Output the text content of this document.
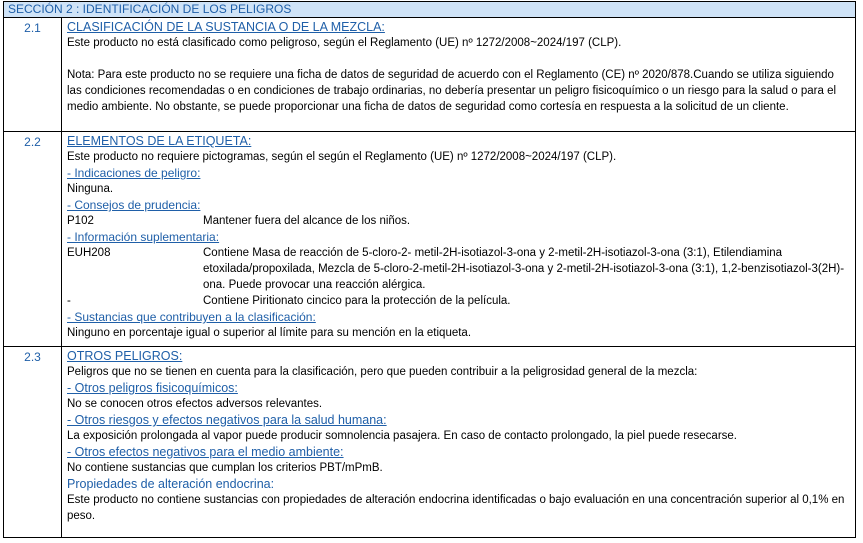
SECCIÓN 2 : IDENTIFICACIÓN DE LOS PELIGROS
2.1	CLASIFICACIÓN DE LA SUSTANCIA O DE LA MEZCLA:
Este producto no está clasificado como peligroso, según el Reglamento (UE) nº 1272/2008~2024/197 (CLP).
Nota: Para este producto no se requiere una ficha de datos de seguridad de acuerdo con el Reglamento (CE) nº 2020/878.Cuando se utiliza siguiendo las condiciones recomendadas o en condiciones de trabajo ordinarias, no debería presentar un peligro fisicoquímico o un riesgo para la salud o para el medio ambiente. No obstante, se puede proporcionar una ficha de datos de seguridad como cortesía en respuesta a la solicitud de un cliente.
2.2	ELEMENTOS DE LA ETIQUETA:
Este producto no requiere pictogramas, según el según el Reglamento (UE) nº 1272/2008~2024/197 (CLP).
- Indicaciones de peligro:
Ninguna.
- Consejos de prudencia:
P102	Mantener fuera del alcance de los niños.
- Información suplementaria:
EUH208	Contiene Masa de reacción de 5-cloro-2- metil-2H-isotiazol-3-ona y 2-metil-2H-isotiazol-3-ona (3:1), Etilendiamina etoxilada/propoxilada, Mezcla de 5-cloro-2-metil-2H-isotiazol-3-ona y 2-metil-2H-isotiazol-3-ona (3:1), 1,2-benzisotiazol-3(2H)-ona. Puede provocar una reacción alérgica.
-	Contiene Piritionato cincico para la protección de la película.
- Sustancias que contribuyen a la clasificación:
Ninguno en porcentaje igual o superior al límite para su mención en la etiqueta.
2.3	OTROS PELIGROS:
Peligros que no se tienen en cuenta para la clasificación, pero que pueden contribuir a la peligrosidad general de la mezcla:
- Otros peligros fisicoquímicos:
No se conocen otros efectos adversos relevantes.
- Otros riesgos y efectos negativos para la salud humana:
La exposición prolongada al vapor puede producir somnolencia pasajera. En caso de contacto prolongado, la piel puede resecarse.
- Otros efectos negativos para el medio ambiente:
No contiene sustancias que cumplan los criterios PBT/mPmB.
Propiedades de alteración endocrina:
Este producto no contiene sustancias con propiedades de alteración endocrina identificadas o bajo evaluación en una concentración superior al 0,1% en peso.
